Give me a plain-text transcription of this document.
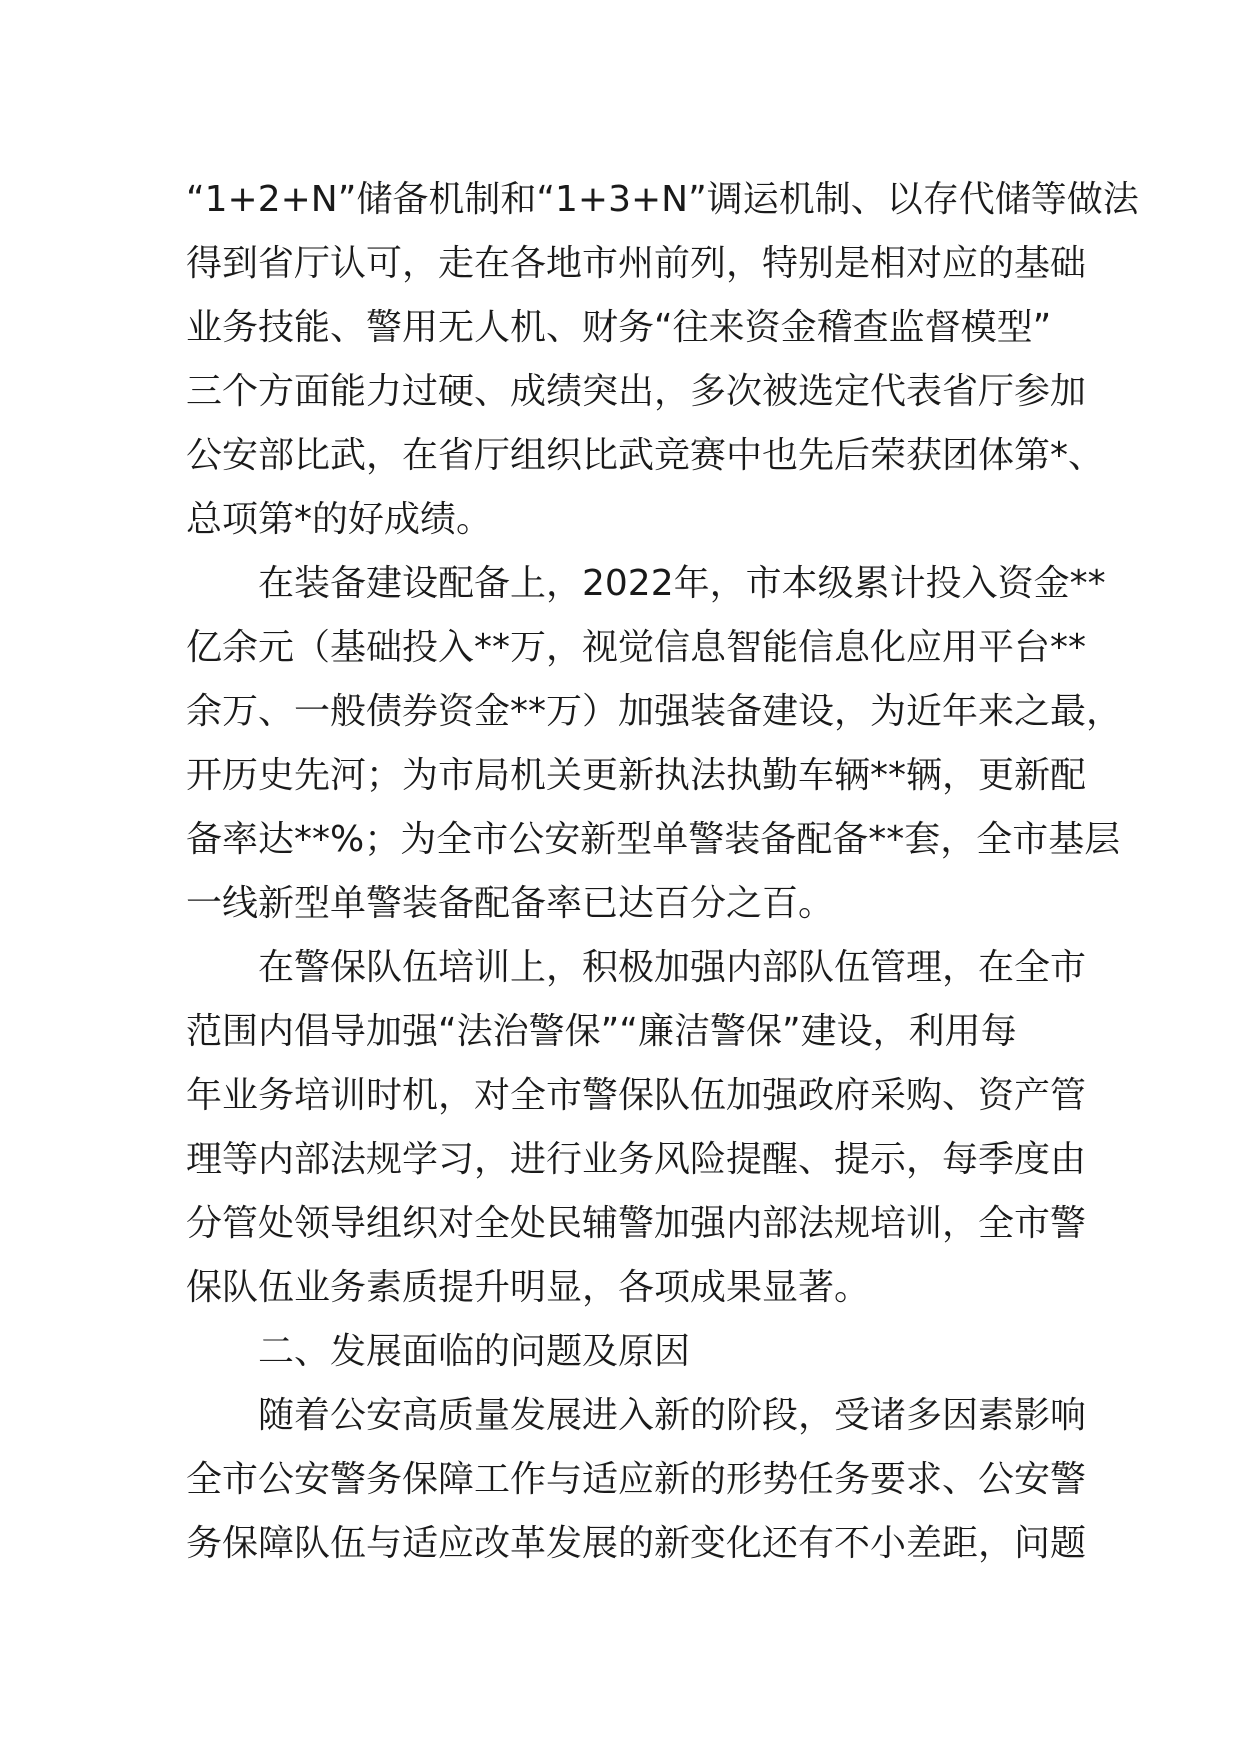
“1+2+N”储备机制和“1+3+N”调运机制、以存代储等做法
得到省厅认可，走在各地市州前列，特别是相对应的基础
业务技能、警用无人机、财务“往来资金稽查监督模型”
三个方面能力过硬、成绩突出，多次被选定代表省厅参加
公安部比武，在省厅组织比武竞赛中也先后荣获团体第*、
总项第*的好成绩。
在装备建设配备上，2022年，市本级累计投入资金**
亿余元（基础投入**万，视觉信息智能信息化应用平台**
余万、一般债券资金**万）加强装备建设，为近年来之最，
开历史先河；为市局机关更新执法执勤车辆**辆，更新配
备率达**%；为全市公安新型单警装备配备**套，全市基层
一线新型单警装备配备率已达百分之百。
在警保队伍培训上，积极加强内部队伍管理，在全市
范围内倡导加强“法治警保”“廉洁警保”建设，利用每
年业务培训时机，对全市警保队伍加强政府采购、资产管
理等内部法规学习，进行业务风险提醒、提示，每季度由
分管处领导组织对全处民辅警加强内部法规培训，全市警
保队伍业务素质提升明显，各项成果显著。
二、发展面临的问题及原因
随着公安高质量发展进入新的阶段，受诸多因素影响
全市公安警务保障工作与适应新的形势任务要求、公安警
务保障队伍与适应改革发展的新变化还有不小差距，问题
